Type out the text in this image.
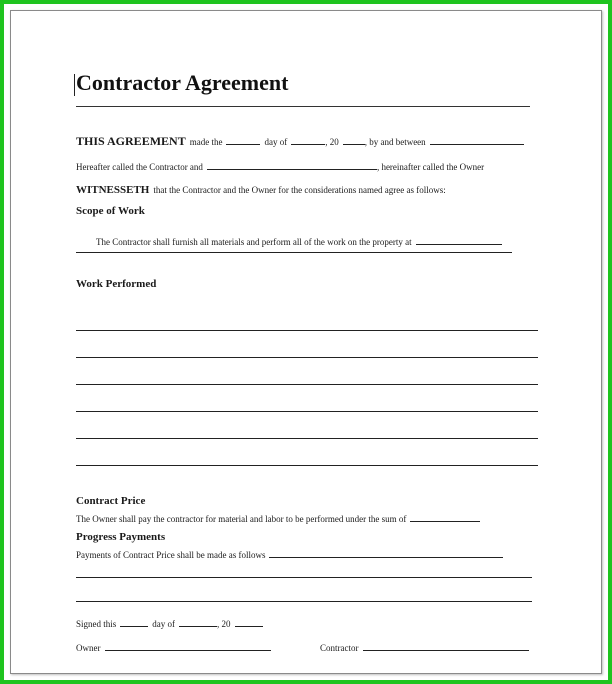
Contractor Agreement
THIS AGREEMENT made the	day of	, 20	, by and between
Hereafter called the Contractor and	, hereinafter called the Owner
WITNESSETH that the Contractor and the Owner for the considerations named agree as follows:
Scope of Work
The Contractor shall furnish all materials and perform all of the work on the property at
Work Performed
Contract Price
The Owner shall pay the contractor for material and labor to be performed under the sum of
Progress Payments
Payments of Contract Price shall be made as follows
Signed this	day of	, 20
Owner	Contractor
